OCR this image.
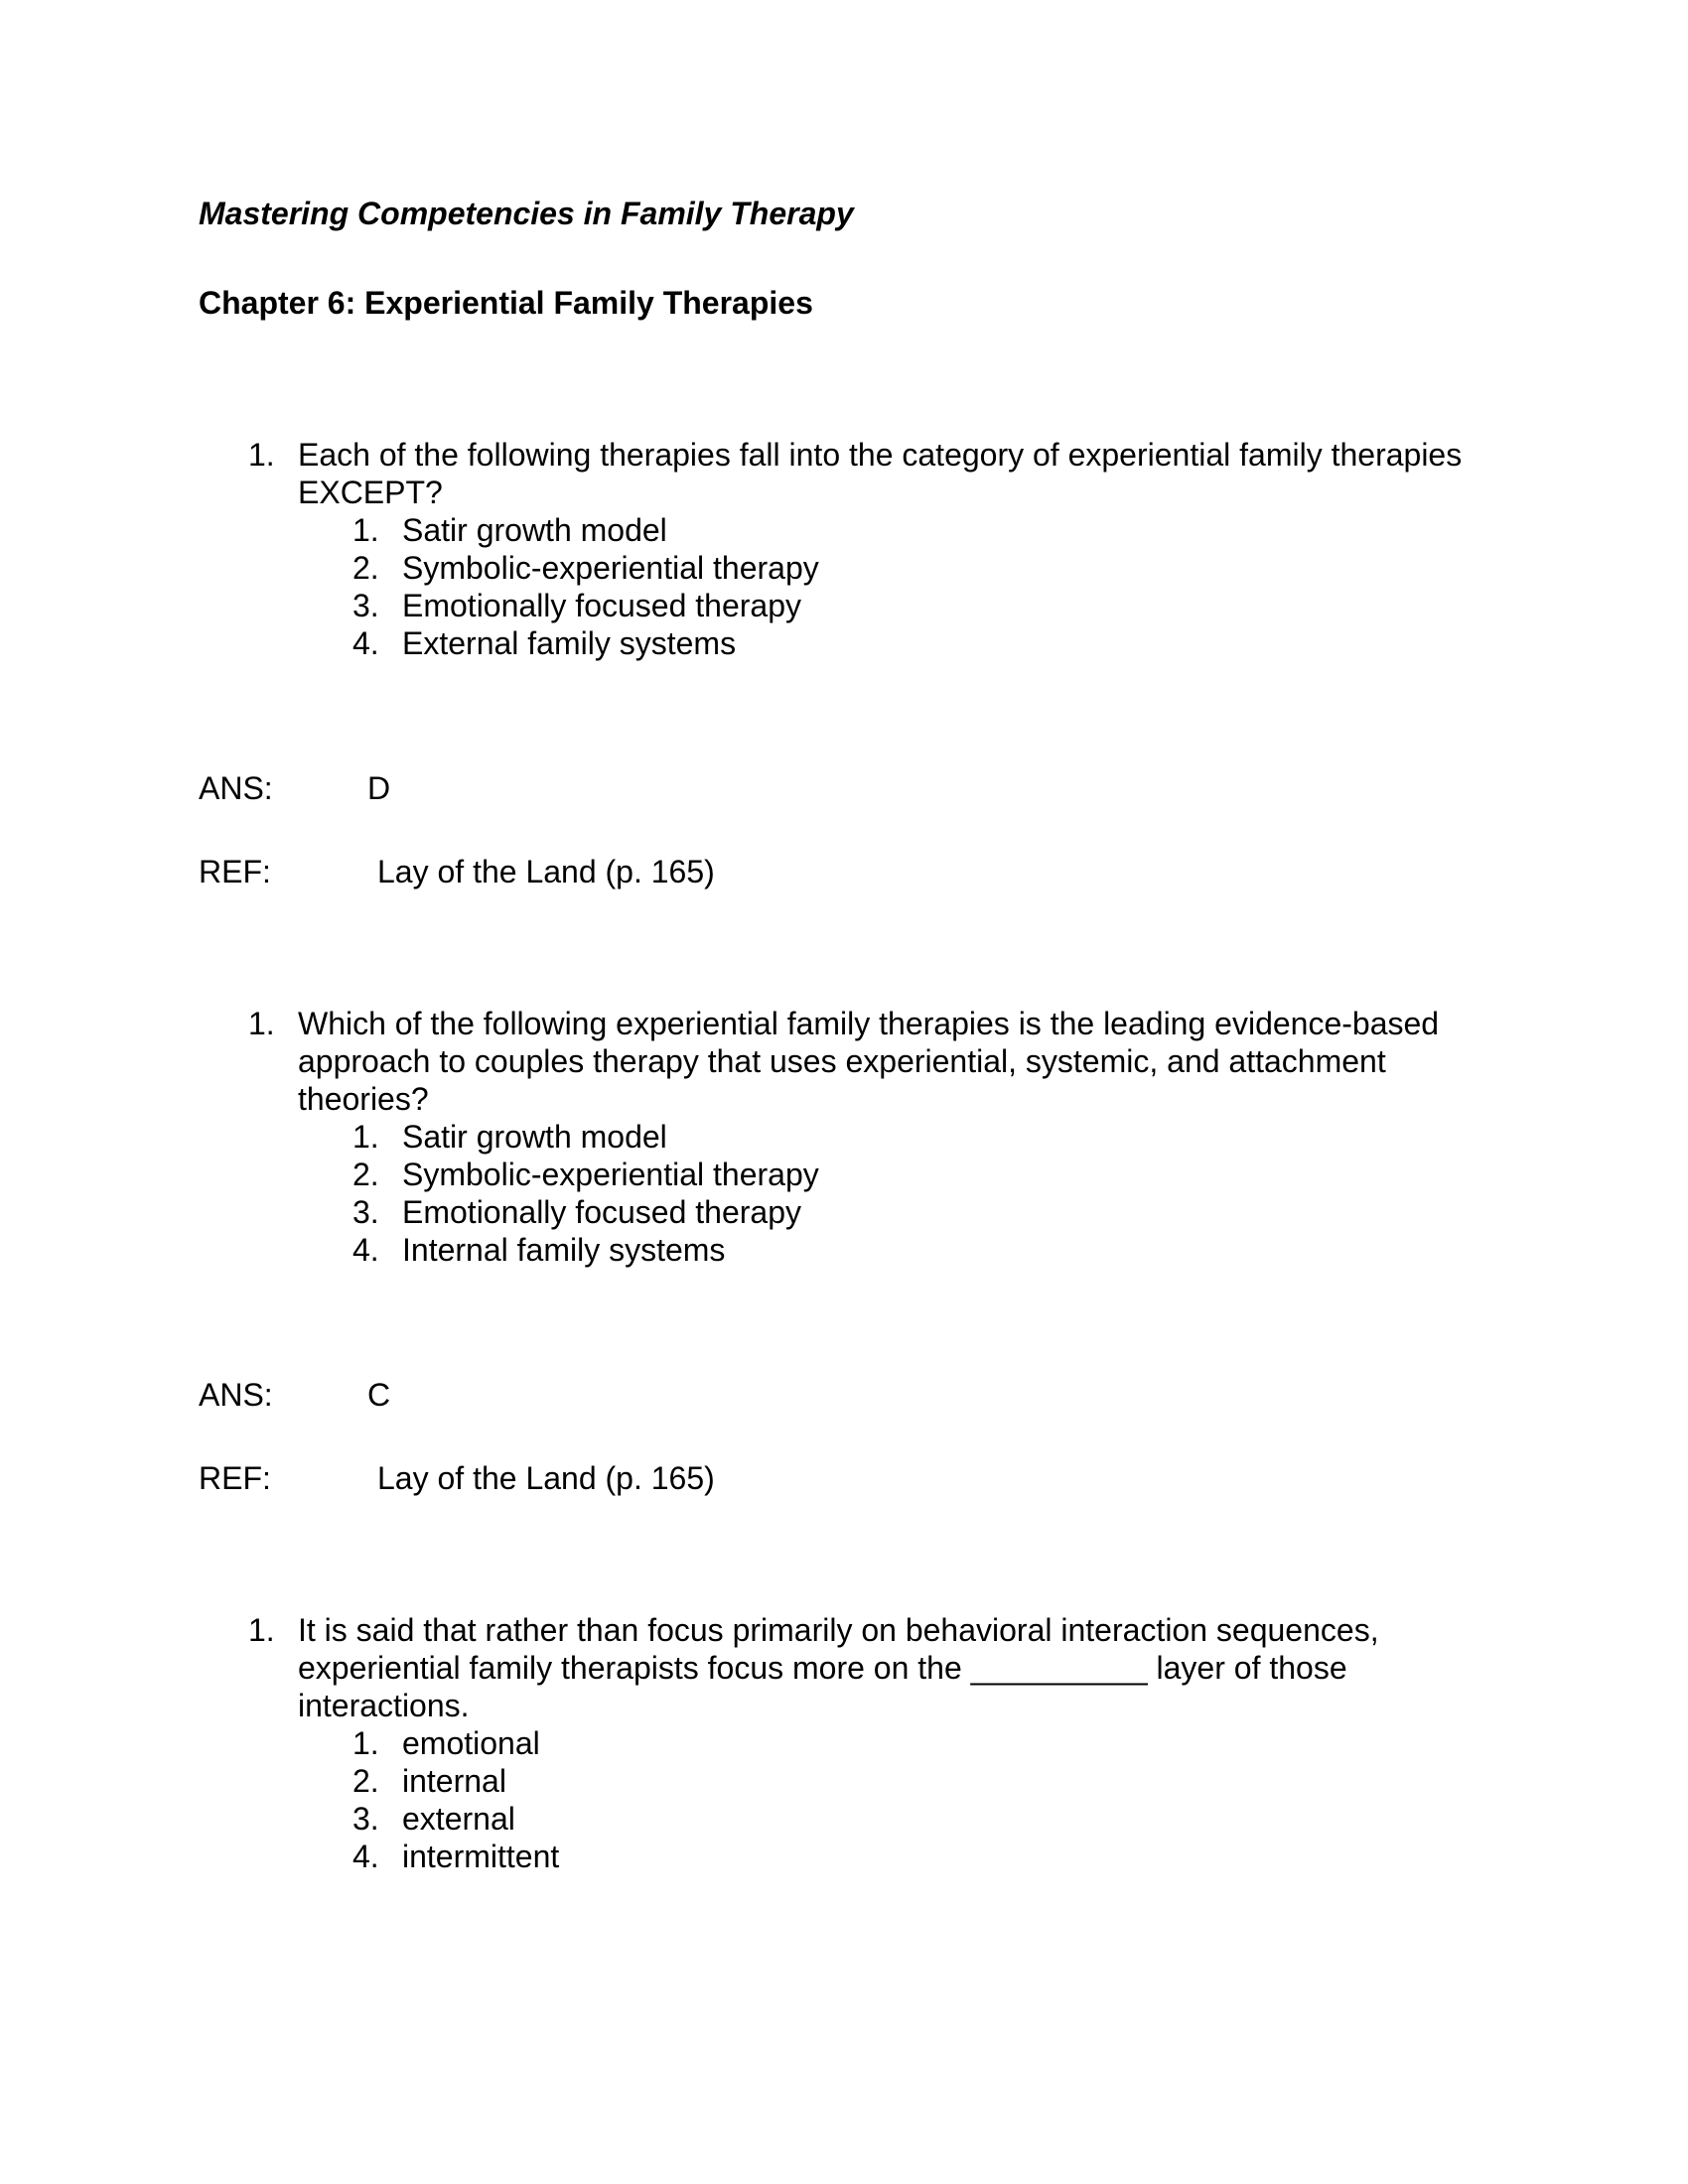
Mastering Competencies in Family Therapy
Chapter 6: Experiential Family Therapies
1. Each of the following therapies fall into the category of experiential family therapies EXCEPT?
1. Satir growth model
2. Symbolic-experiential therapy
3. Emotionally focused therapy
4. External family systems
ANS:	D
REF:	Lay of the Land (p. 165)
1. Which of the following experiential family therapies is the leading evidence-based approach to couples therapy that uses experiential, systemic, and attachment theories?
1. Satir growth model
2. Symbolic-experiential therapy
3. Emotionally focused therapy
4. Internal family systems
ANS:	C
REF:	Lay of the Land (p. 165)
1. It is said that rather than focus primarily on behavioral interaction sequences, experiential family therapists focus more on the __________ layer of those interactions.
1. emotional
2. internal
3. external
4. intermittent
